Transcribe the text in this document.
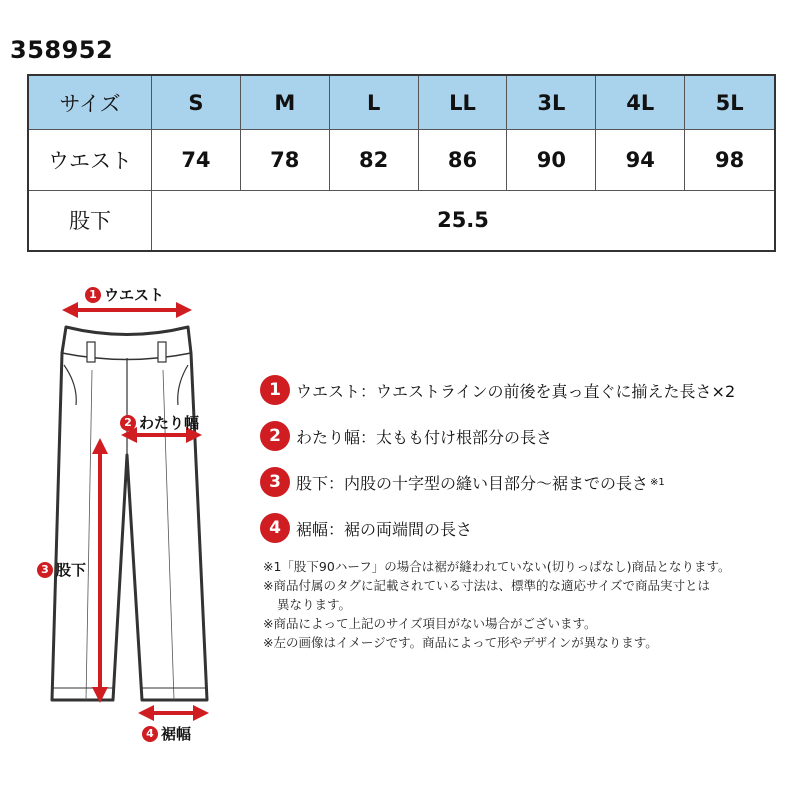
358952
サイズ	S	M	L	LL	3L	4L	5L
ウエスト	74	78	82	86	90	94	98
股下	25.5						
1 ウエスト
2 わたり幅
3 股下
4 裾幅
1 ウエスト ：ウエストラインの前後を真っ直ぐに揃えた長さ×2
2 わたり幅 ：太もも付け根部分の長さ
3 股下 ：内股の十字型の縫い目部分～裾までの長さ ※1
4 裾幅 ：裾の両端間の長さ

※1「股下90ハーフ」の場合は裾が縫われていない(切りっぱなし)商品となります。

※商品付属のタグに記載されている寸法は、標準的な適応サイズで商品実寸とは

異なります。

※商品によって上記のサイズ項目がない場合がございます。

※左の画像はイメージです。商品によって形やデザインが異なります。
